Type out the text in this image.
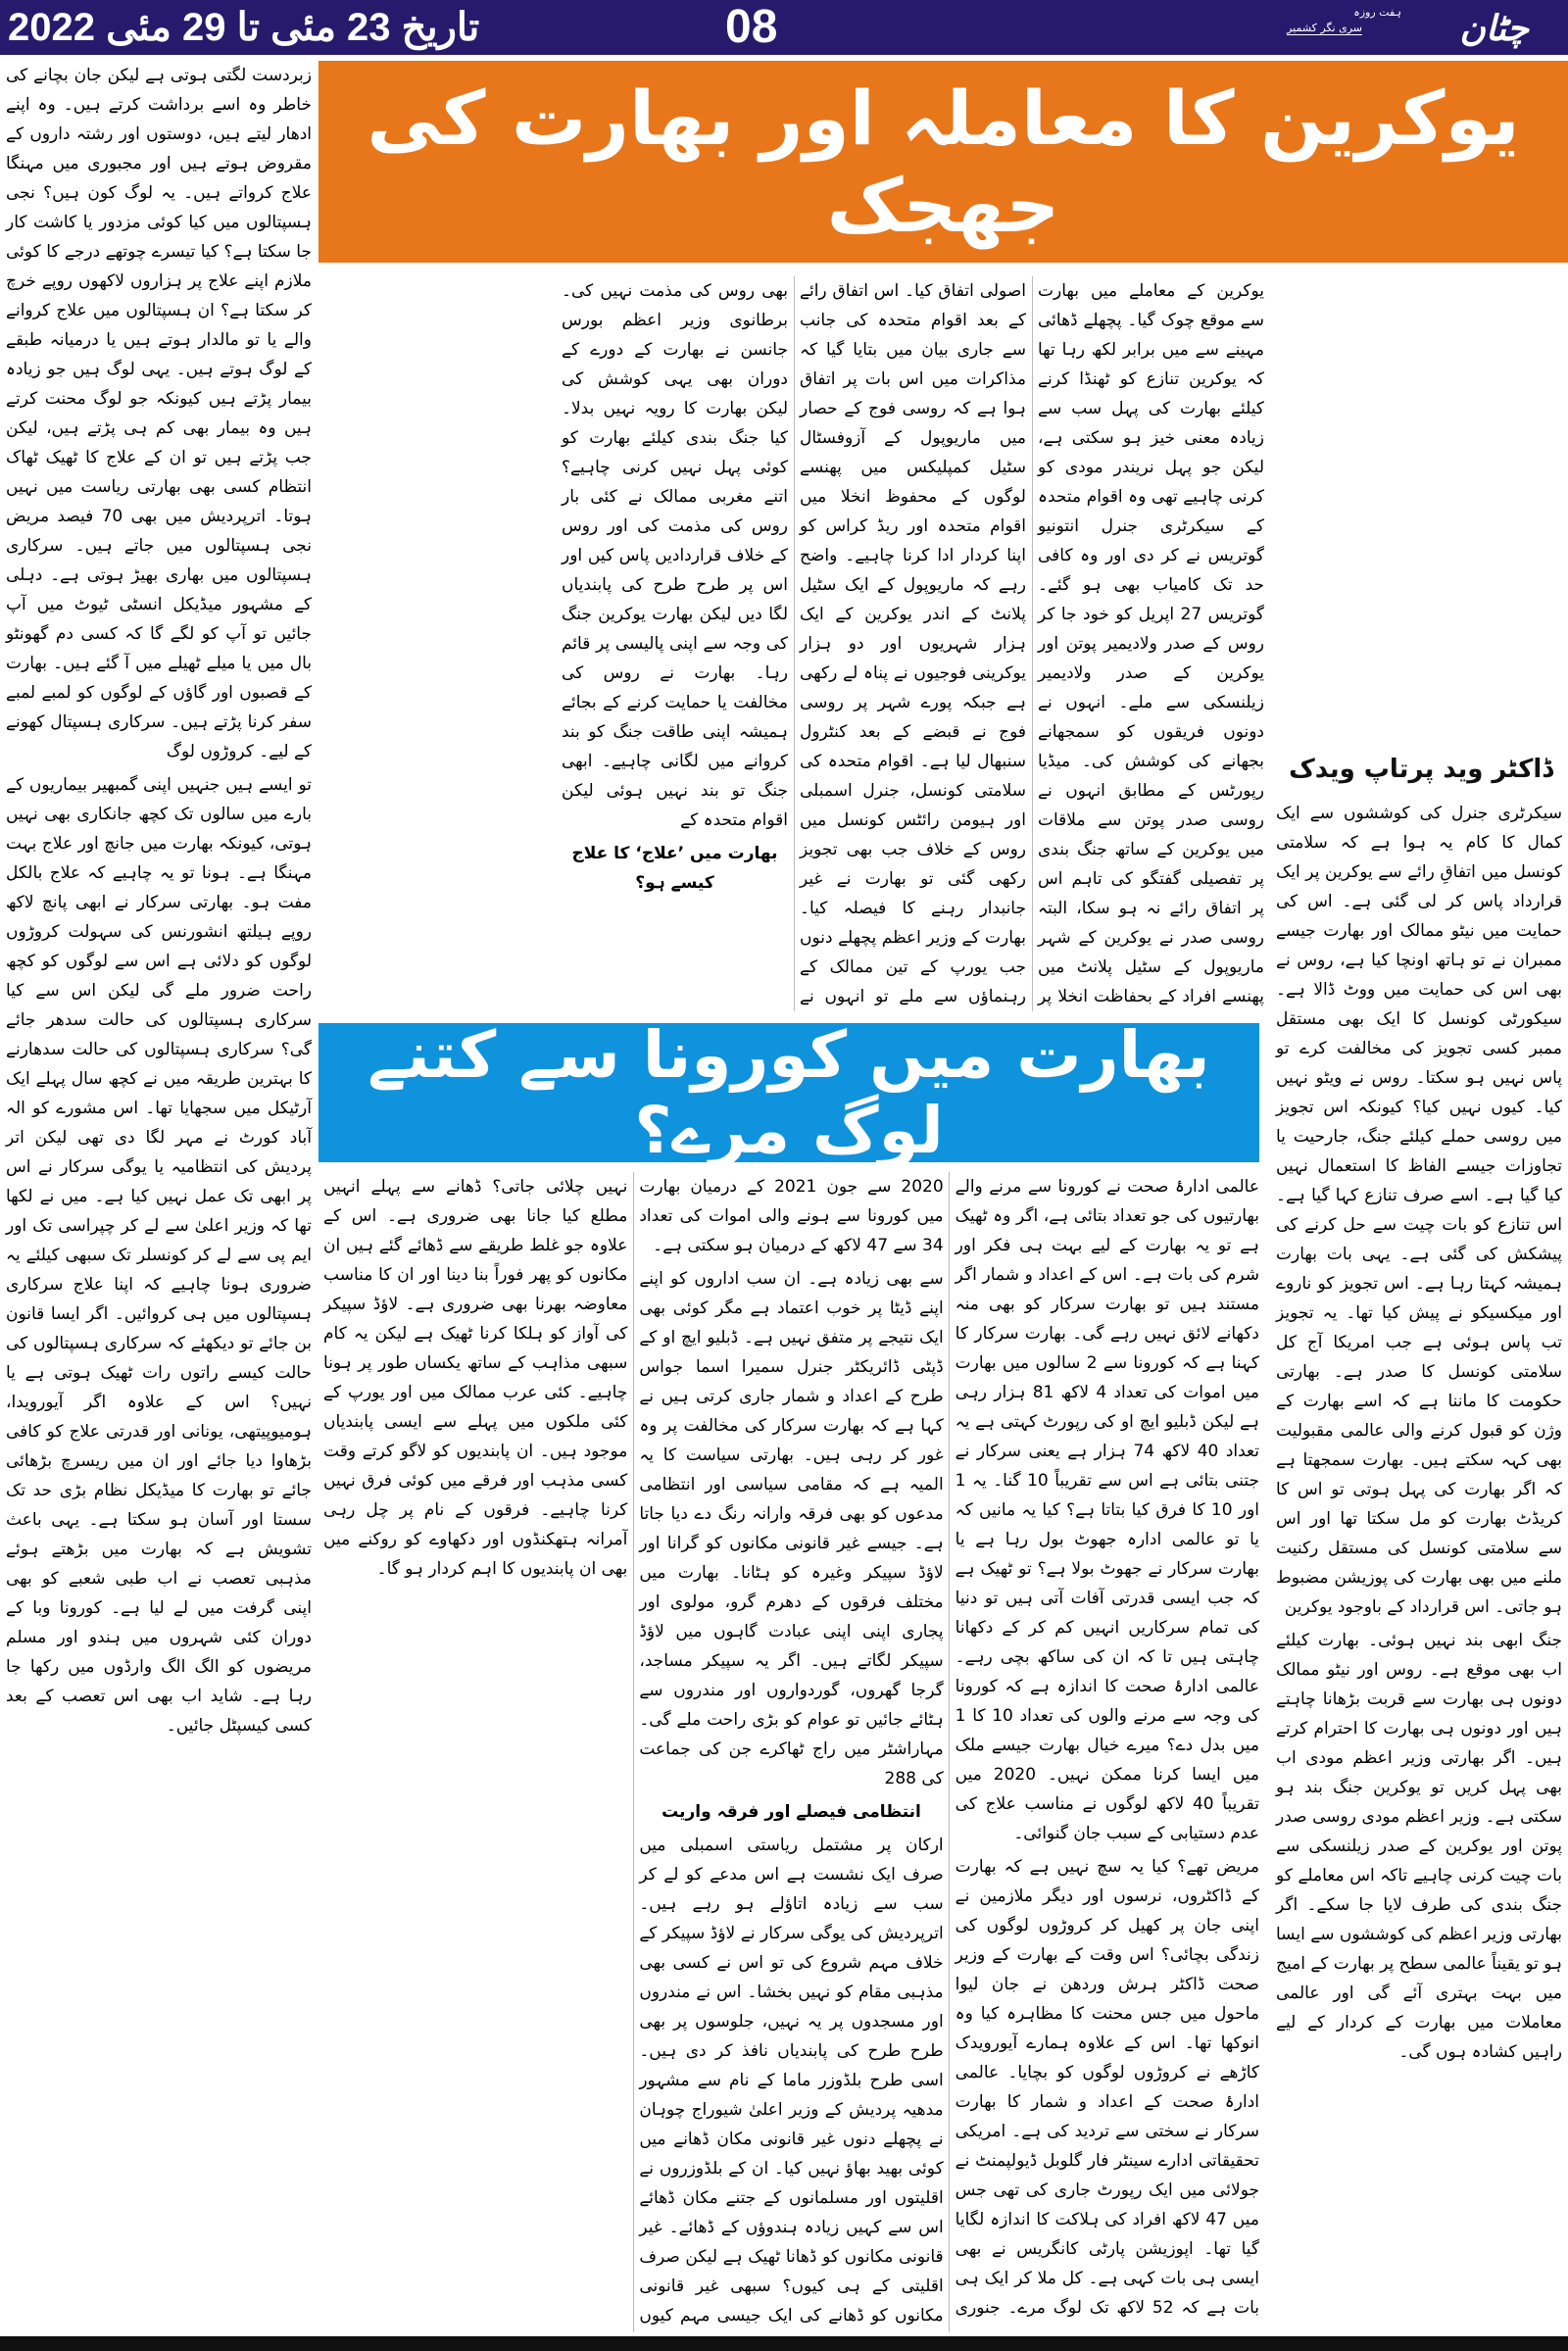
تاریخ 23 مئی تا 29 مئی 2022	08	ہفت روزہ
سری نگر کشمیر	چٹان
یوکرین کا معاملہ اور بھارت کی جھجک

زبردست لگتی ہوتی ہے لیکن جان بچانے کی خاطر وہ اسے برداشت کرتے ہیں۔ وہ اپنے ادھار لیتے ہیں، دوستوں اور رشتہ داروں کے مقروض ہوتے ہیں اور مجبوری میں مہنگا علاج کرواتے ہیں۔ یہ لوگ کون ہیں؟ نجی ہسپتالوں میں کیا کوئی مزدور یا کاشت کار جا سکتا ہے؟ کیا تیسرے چوتھے درجے کا کوئی ملازم اپنے علاج پر ہزاروں لاکھوں روپے خرچ کر سکتا ہے؟ ان ہسپتالوں میں علاج کروانے والے یا تو مالدار ہوتے ہیں یا درمیانہ طبقے کے لوگ ہوتے ہیں۔ یہی لوگ ہیں جو زیادہ بیمار پڑتے ہیں کیونکہ جو لوگ محنت کرتے ہیں وہ بیمار بھی کم ہی پڑتے ہیں، لیکن جب پڑتے ہیں تو ان کے علاج کا ٹھیک ٹھاک انتظام کسی بھی بھارتی ریاست میں نہیں ہوتا۔ اترپردیش میں بھی 70 فیصد مریض نجی ہسپتالوں میں جاتے ہیں۔ سرکاری ہسپتالوں میں بھاری بھیڑ ہوتی ہے۔ دہلی کے مشہور میڈیکل انسٹی ٹیوٹ میں آپ جائیں تو آپ کو لگے گا کہ کسی دم گھونٹو بال میں یا میلے ٹھیلے میں آ گئے ہیں۔ بھارت کے قصبوں اور گاؤں کے لوگوں کو لمبے لمبے سفر کرنا پڑتے ہیں۔ سرکاری ہسپتال کھونے کے لیے۔ کروڑوں لوگ

تو ایسے ہیں جنہیں اپنی گمبھیر بیماریوں کے بارے میں سالوں تک کچھ جانکاری بھی نہیں ہوتی، کیونکہ بھارت میں جانچ اور علاج بہت مہنگا ہے۔ ہونا تو یہ چاہیے کہ علاج بالکل مفت ہو۔ بھارتی سرکار نے ابھی پانچ لاکھ روپے ہیلتھ انشورنس کی سہولت کروڑوں لوگوں کو دلائی ہے اس سے لوگوں کو کچھ راحت ضرور ملے گی لیکن اس سے کیا سرکاری ہسپتالوں کی حالت سدھر جائے گی؟ سرکاری ہسپتالوں کی حالت سدھارنے کا بہترین طریقہ میں نے کچھ سال پہلے ایک آرٹیکل میں سجھایا تھا۔ اس مشورے کو الہ آباد کورٹ نے مہر لگا دی تھی لیکن اتر پردیش کی انتظامیہ یا یوگی سرکار نے اس پر ابھی تک عمل نہیں کیا ہے۔ میں نے لکھا تھا کہ وزیر اعلیٰ سے لے کر چپراسی تک اور ایم پی سے لے کر کونسلر تک سبھی کیلئے یہ ضروری ہونا چاہیے کہ اپنا علاج سرکاری ہسپتالوں میں ہی کروائیں۔ اگر ایسا قانون بن جائے تو دیکھئے کہ سرکاری ہسپتالوں کی حالت کیسے راتوں رات ٹھیک ہوتی ہے یا نہیں؟ اس کے علاوہ اگر آیورویدا، ہومیوپیتھی، یونانی اور قدرتی علاج کو کافی بڑھاوا دیا جائے اور ان میں ریسرچ بڑھائی جائے تو بھارت کا میڈیکل نظام بڑی حد تک سستا اور آسان ہو سکتا ہے۔ یہی باعث تشویش ہے کہ بھارت میں بڑھتے ہوئے مذہبی تعصب نے اب طبی شعبے کو بھی اپنی گرفت میں لے لیا ہے۔ کورونا وبا کے دوران کئی شہروں میں ہندو اور مسلم مریضوں کو الگ الگ وارڈوں میں رکھا جا رہا ہے۔ شاید اب بھی اس تعصب کے بعد کسی کیسپٹل جائیں۔

ڈاکٹر وید پرتاپ ویدک

سیکرٹری جنرل کی کوششوں سے ایک کمال کا کام یہ ہوا ہے کہ سلامتی کونسل میں اتفاقِ رائے سے یوکرین پر ایک قرارداد پاس کر لی گئی ہے۔ اس کی حمایت میں نیٹو ممالک اور بھارت جیسے ممبران نے تو ہاتھ اونچا کیا ہے، روس نے بھی اس کی حمایت میں ووٹ ڈالا ہے۔ سیکورٹی کونسل کا ایک بھی مستقل ممبر کسی تجویز کی مخالفت کرے تو پاس نہیں ہو سکتا۔ روس نے ویٹو نہیں کیا۔ کیوں نہیں کیا؟ کیونکہ اس تجویز میں روسی حملے کیلئے جنگ، جارحیت یا تجاوزات جیسے الفاظ کا استعمال نہیں کیا گیا ہے۔ اسے صرف تنازع کہا گیا ہے۔ اس تنازع کو بات چیت سے حل کرنے کی پیشکش کی گئی ہے۔ یہی بات بھارت ہمیشہ کہتا رہا ہے۔ اس تجویز کو ناروے اور میکسیکو نے پیش کیا تھا۔ یہ تجویز تب پاس ہوئی ہے جب امریکا آج کل سلامتی کونسل کا صدر ہے۔ بھارتی حکومت کا ماننا ہے کہ اسے بھارت کے وژن کو قبول کرنے والی عالمی مقبولیت بھی کہہ سکتے ہیں۔ بھارت سمجھتا ہے کہ اگر بھارت کی پہل ہوتی تو اس کا کریڈٹ بھارت کو مل سکتا تھا اور اس سے سلامتی کونسل کی مستقل رکنیت ملنے میں بھی بھارت کی پوزیشن مضبوط ہو جاتی۔ اس قرارداد کے باوجود یوکرین

جنگ ابھی بند نہیں ہوئی۔ بھارت کیلئے اب بھی موقع ہے۔ روس اور نیٹو ممالک دونوں ہی بھارت سے قربت بڑھانا چاہتے ہیں اور دونوں ہی بھارت کا احترام کرتے ہیں۔ اگر بھارتی وزیر اعظم مودی اب بھی پہل کریں تو یوکرین جنگ بند ہو سکتی ہے۔ وزیر اعظم مودی روسی صدر پوتن اور یوکرین کے صدر زیلنسکی سے بات چیت کرنی چاہیے تاکہ اس معاملے کو جنگ بندی کی طرف لایا جا سکے۔ اگر بھارتی وزیر اعظم کی کوششوں سے ایسا ہو تو یقیناً عالمی سطح پر بھارت کے امیج میں بہت بہتری آئے گی اور عالمی معاملات میں بھارت کے کردار کے لیے راہیں کشادہ ہوں گی۔

یوکرین کے معاملے میں بھارت سے موقع چوک گیا۔ پچھلے ڈھائی مہینے سے میں برابر لکھ رہا تھا کہ یوکرین تنازع کو ٹھنڈا کرنے کیلئے بھارت کی پہل سب سے زیادہ معنی خیز ہو سکتی ہے، لیکن جو پہل نریندر مودی کو کرنی چاہیے تھی وہ اقوام متحدہ کے سیکرٹری جنرل انتونیو گوتریس نے کر دی اور وہ کافی حد تک کامیاب بھی ہو گئے۔ گوتریس 27 اپریل کو خود جا کر روس کے صدر ولادیمیر پوتن اور یوکرین کے صدر ولادیمیر زیلنسکی سے ملے۔ انہوں نے دونوں فریقوں کو سمجھانے بجھانے کی کوشش کی۔ میڈیا رپورٹس کے مطابق انہوں نے روسی صدر پوتن سے ملاقات میں یوکرین کے ساتھ جنگ بندی پر تفصیلی گفتگو کی تاہم اس پر اتفاق رائے نہ ہو سکا، البتہ روسی صدر نے یوکرین کے شہر ماریوپول کے سٹیل پلانٹ میں پھنسے افراد کے بحفاظت انخلا پر اصولی اتفاق کیا۔ اس اتفاق رائے کے بعد اقوام متحدہ کی جانب سے جاری بیان میں بتایا گیا کہ مذاکرات میں اس بات پر اتفاق ہوا ہے کہ روسی فوج کے حصار میں ماریوپول کے آزوفسٹال سٹیل کمپلیکس میں پھنسے لوگوں کے محفوظ انخلا میں اقوام متحدہ اور ریڈ کراس کو اپنا کردار ادا کرنا چاہیے۔ واضح رہے کہ ماریوپول کے ایک سٹیل پلانٹ کے اندر یوکرین کے ایک ہزار شہریوں اور دو ہزار یوکرینی فوجیوں نے پناہ لے رکھی ہے جبکہ پورے شہر پر روسی فوج نے قبضے کے بعد کنٹرول سنبھال لیا ہے۔ اقوام متحدہ کی سلامتی کونسل، جنرل اسمبلی اور ہیومن رائٹس کونسل میں روس کے خلاف جب بھی تجویز رکھی گئی تو بھارت نے غیر جانبدار رہنے کا فیصلہ کیا۔ بھارت کے وزیر اعظم پچھلے دنوں جب یورپ کے تین ممالک کے رہنماؤں سے ملے تو انہوں نے بھی روس کی مذمت نہیں کی۔ برطانوی وزیر اعظم بورس جانسن نے بھارت کے دورے کے دوران بھی یہی کوشش کی لیکن بھارت کا رویہ نہیں بدلا۔ کیا جنگ بندی کیلئے بھارت کو کوئی پہل نہیں کرنی چاہیے؟ اتنے مغربی ممالک نے کئی بار روس کی مذمت کی اور روس کے خلاف قراردادیں پاس کیں اور اس پر طرح طرح کی پابندیاں لگا دیں لیکن بھارت یوکرین جنگ کی وجہ سے اپنی پالیسی پر قائم رہا۔ بھارت نے روس کی مخالفت یا حمایت کرنے کے بجائے ہمیشہ اپنی طاقت جنگ کو بند کروانے میں لگانی چاہیے۔ ابھی جنگ تو بند نہیں ہوئی لیکن اقوام متحدہ کے

بھارت میں ’علاج‘ کا علاج کیسے ہو؟
بھارت میں کورونا سے کتنے لوگ مرے؟

عالمی ادارۂ صحت نے کورونا سے مرنے والے بھارتیوں کی جو تعداد بتائی ہے، اگر وہ ٹھیک ہے تو یہ بھارت کے لیے بہت ہی فکر اور شرم کی بات ہے۔ اس کے اعداد و شمار اگر مستند ہیں تو بھارت سرکار کو بھی منہ دکھانے لائق نہیں رہے گی۔ بھارت سرکار کا کہنا ہے کہ کورونا سے 2 سالوں میں بھارت میں اموات کی تعداد 4 لاکھ 81 ہزار رہی ہے لیکن ڈبلیو ایچ او کی رپورٹ کہتی ہے یہ تعداد 40 لاکھ 74 ہزار ہے یعنی سرکار نے جتنی بتائی ہے اس سے تقریباً 10 گنا۔ یہ 1 اور 10 کا فرق کیا بتاتا ہے؟ کیا یہ مانیں کہ یا تو عالمی ادارہ جھوٹ بول رہا ہے یا بھارت سرکار نے جھوٹ بولا ہے؟ تو ٹھیک ہے کہ جب ایسی قدرتی آفات آتی ہیں تو دنیا کی تمام سرکاریں انہیں کم کر کے دکھانا چاہتی ہیں تا کہ ان کی ساکھ بچی رہے۔ عالمی ادارۂ صحت کا اندازہ ہے کہ کورونا کی وجہ سے مرنے والوں کی تعداد 10 کا 1 میں بدل دے؟ میرے خیال بھارت جیسے ملک میں ایسا کرنا ممکن نہیں۔ 2020 میں تقریباً 40 لاکھ لوگوں نے مناسب علاج کی عدم دستیابی کے سبب جان گنوائی۔

مریض تھے؟ کیا یہ سچ نہیں ہے کہ بھارت کے ڈاکٹروں، نرسوں اور دیگر ملازمین نے اپنی جان پر کھیل کر کروڑوں لوگوں کی زندگی بچائی؟ اس وقت کے بھارت کے وزیر صحت ڈاکٹر ہرش وردھن نے جان لیوا ماحول میں جس محنت کا مظاہرہ کیا وہ انوکھا تھا۔ اس کے علاوہ ہمارے آیورویدک کاڑھے نے کروڑوں لوگوں کو بچایا۔ عالمی ادارۂ صحت کے اعداد و شمار کا بھارت سرکار نے سختی سے تردید کی ہے۔ امریکی تحقیقاتی ادارے سینٹر فار گلوبل ڈیولپمنٹ نے جولائی میں ایک رپورٹ جاری کی تھی جس میں 47 لاکھ افراد کی ہلاکت کا اندازہ لگایا گیا تھا۔ اپوزیشن پارٹی کانگریس نے بھی ایسی ہی بات کہی ہے۔ کل ملا کر ایک ہی بات ہے کہ 52 لاکھ تک لوگ مرے۔ جنوری 2020 سے جون 2021 کے درمیان بھارت میں کورونا سے ہونے والی اموات کی تعداد 34 سے 47 لاکھ کے درمیان ہو سکتی ہے۔

سے بھی زیادہ ہے۔ ان سب اداروں کو اپنے اپنے ڈیٹا پر خوب اعتماد ہے مگر کوئی بھی ایک نتیجے پر متفق نہیں ہے۔ ڈبلیو ایچ او کے ڈپٹی ڈائریکٹر جنرل سمیرا اسما جواس طرح کے اعداد و شمار جاری کرتی ہیں نے کہا ہے کہ بھارت سرکار کی مخالفت پر وہ غور کر رہی ہیں۔ بھارتی سیاست کا یہ المیہ ہے کہ مقامی سیاسی اور انتظامی مدعوں کو بھی فرقہ وارانہ رنگ دے دیا جاتا ہے۔ جیسے غیر قانونی مکانوں کو گرانا اور لاؤڈ سپیکر وغیرہ کو ہٹانا۔ بھارت میں مختلف فرقوں کے دھرم گرو، مولوی اور پجاری اپنی اپنی عبادت گاہوں میں لاؤڈ سپیکر لگاتے ہیں۔ اگر یہ سپیکر مساجد، گرجا گھروں، گوردواروں اور مندروں سے ہٹائے جائیں تو عوام کو بڑی راحت ملے گی۔ مہاراشٹر میں راج ٹھاکرے جن کی جماعت کی 288

انتظامی فیصلے اور فرقہ واریت

ارکان پر مشتمل ریاستی اسمبلی میں صرف ایک نشست ہے اس مدعے کو لے کر سب سے زیادہ اتاؤلے ہو رہے ہیں۔ اترپردیش کی یوگی سرکار نے لاؤڈ سپیکر کے خلاف مہم شروع کی تو اس نے کسی بھی مذہبی مقام کو نہیں بخشا۔ اس نے مندروں اور مسجدوں پر یہ نہیں، جلوسوں پر بھی طرح طرح کی پابندیاں نافذ کر دی ہیں۔ اسی طرح بلڈوزر ماما کے نام سے مشہور مدھیہ پردیش کے وزیر اعلیٰ شیوراج چوہان نے پچھلے دنوں غیر قانونی مکان ڈھانے میں کوئی بھید بھاؤ نہیں کیا۔ ان کے بلڈوزروں نے اقلیتوں اور مسلمانوں کے جتنے مکان ڈھائے اس سے کہیں زیادہ ہندوؤں کے ڈھائے۔ غیر قانونی مکانوں کو ڈھانا ٹھیک ہے لیکن صرف اقلیتی کے ہی کیوں؟ سبھی غیر قانونی مکانوں کو ڈھانے کی ایک جیسی مہم کیوں نہیں چلائی جاتی؟ ڈھانے سے پہلے انہیں مطلع کیا جانا بھی ضروری ہے۔ اس کے علاوہ جو غلط طریقے سے ڈھائے گئے ہیں ان مکانوں کو پھر فوراً بنا دینا اور ان کا مناسب معاوضہ بھرنا بھی ضروری ہے۔ لاؤڈ سپیکر کی آواز کو ہلکا کرنا ٹھیک ہے لیکن یہ کام سبھی مذاہب کے ساتھ یکساں طور پر ہونا چاہیے۔ کئی عرب ممالک میں اور یورپ کے کئی ملکوں میں پہلے سے ایسی پابندیاں موجود ہیں۔ ان پابندیوں کو لاگو کرتے وقت کسی مذہب اور فرقے میں کوئی فرق نہیں کرنا چاہیے۔ فرقوں کے نام پر چل رہی آمرانہ ہتھکنڈوں اور دکھاوے کو روکنے میں بھی ان پابندیوں کا اہم کردار ہو گا۔
